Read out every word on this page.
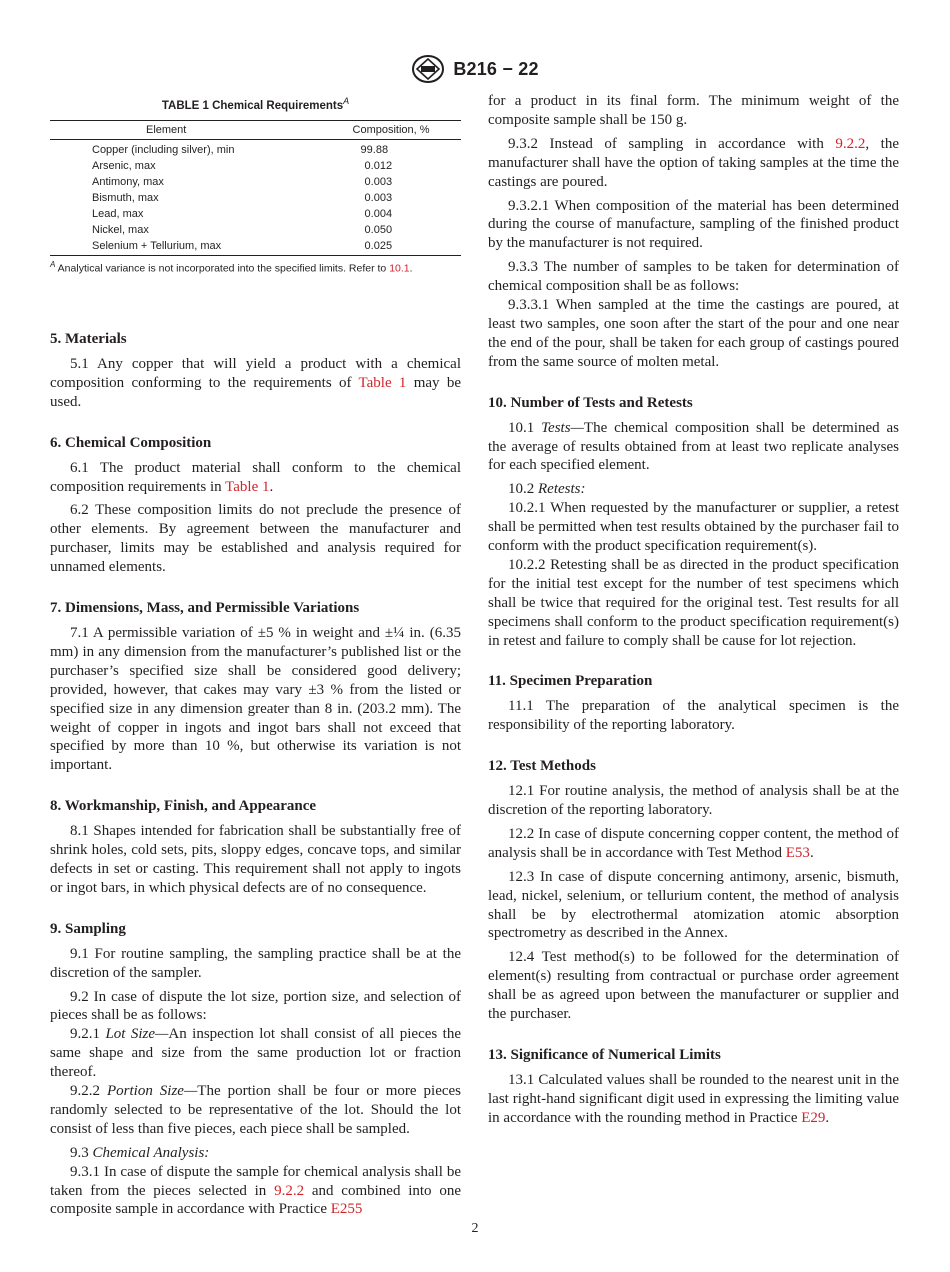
B216 − 22
TABLE 1 Chemical Requirements$^A$
Element	Composition, %
Copper (including silver), min	99.88
Arsenic, max	0.012
Antimony, max	0.003
Bismuth, max	0.003
Lead, max	0.004
Nickel, max	0.050
Selenium + Tellurium, max	0.025

$^A$ Analytical variance is not incorporated into the specified limits. Refer to 10.1.

5. Materials

5.1 Any copper that will yield a product with a chemical composition conforming to the requirements of Table 1 may be used.

6. Chemical Composition

6.1 The product material shall conform to the chemical composition requirements in Table 1.

6.2 These composition limits do not preclude the presence of other elements. By agreement between the manufacturer and purchaser, limits may be established and analysis required for unnamed elements.

7. Dimensions, Mass, and Permissible Variations

7.1 A permissible variation of ±5 % in weight and ±¼ in. (6.35 mm) in any dimension from the manufacturer’s published list or the purchaser’s specified size shall be considered good delivery; provided, however, that cakes may vary ±3 % from the listed or specified size in any dimension greater than 8 in. (203.2 mm). The weight of copper in ingots and ingot bars shall not exceed that specified by more than 10 %, but otherwise its variation is not important.

8. Workmanship, Finish, and Appearance

8.1 Shapes intended for fabrication shall be substantially free of shrink holes, cold sets, pits, sloppy edges, concave tops, and similar defects in set or casting. This requirement shall not apply to ingots or ingot bars, in which physical defects are of no consequence.

9. Sampling

9.1 For routine sampling, the sampling practice shall be at the discretion of the sampler.

9.2 In case of dispute the lot size, portion size, and selection of pieces shall be as follows:

9.2.1 Lot Size—An inspection lot shall consist of all pieces the same shape and size from the same production lot or fraction thereof.

9.2.2 Portion Size—The portion shall be four or more pieces randomly selected to be representative of the lot. Should the lot consist of less than five pieces, each piece shall be sampled.

9.3 Chemical Analysis:

9.3.1 In case of dispute the sample for chemical analysis shall be taken from the pieces selected in 9.2.2 and combined into one composite sample in accordance with Practice E255

for a product in its final form. The minimum weight of the composite sample shall be 150 g.

9.3.2 Instead of sampling in accordance with 9.2.2, the manufacturer shall have the option of taking samples at the time the castings are poured.

9.3.2.1 When composition of the material has been determined during the course of manufacture, sampling of the finished product by the manufacturer is not required.

9.3.3 The number of samples to be taken for determination of chemical composition shall be as follows:

9.3.3.1 When sampled at the time the castings are poured, at least two samples, one soon after the start of the pour and one near the end of the pour, shall be taken for each group of castings poured from the same source of molten metal.

10. Number of Tests and Retests

10.1 Tests—The chemical composition shall be determined as the average of results obtained from at least two replicate analyses for each specified element.

10.2 Retests:

10.2.1 When requested by the manufacturer or supplier, a retest shall be permitted when test results obtained by the purchaser fail to conform with the product specification requirement(s).

10.2.2 Retesting shall be as directed in the product specification for the initial test except for the number of test specimens which shall be twice that required for the original test. Test results for all specimens shall conform to the product specification requirement(s) in retest and failure to comply shall be cause for lot rejection.

11. Specimen Preparation

11.1 The preparation of the analytical specimen is the responsibility of the reporting laboratory.

12. Test Methods

12.1 For routine analysis, the method of analysis shall be at the discretion of the reporting laboratory.

12.2 In case of dispute concerning copper content, the method of analysis shall be in accordance with Test Method E53.

12.3 In case of dispute concerning antimony, arsenic, bismuth, lead, nickel, selenium, or tellurium content, the method of analysis shall be by electrothermal atomization atomic absorption spectrometry as described in the Annex.

12.4 Test method(s) to be followed for the determination of element(s) resulting from contractual or purchase order agreement shall be as agreed upon between the manufacturer or supplier and the purchaser.

13. Significance of Numerical Limits

13.1 Calculated values shall be rounded to the nearest unit in the last right-hand significant digit used in expressing the limiting value in accordance with the rounding method in Practice E29.

2
